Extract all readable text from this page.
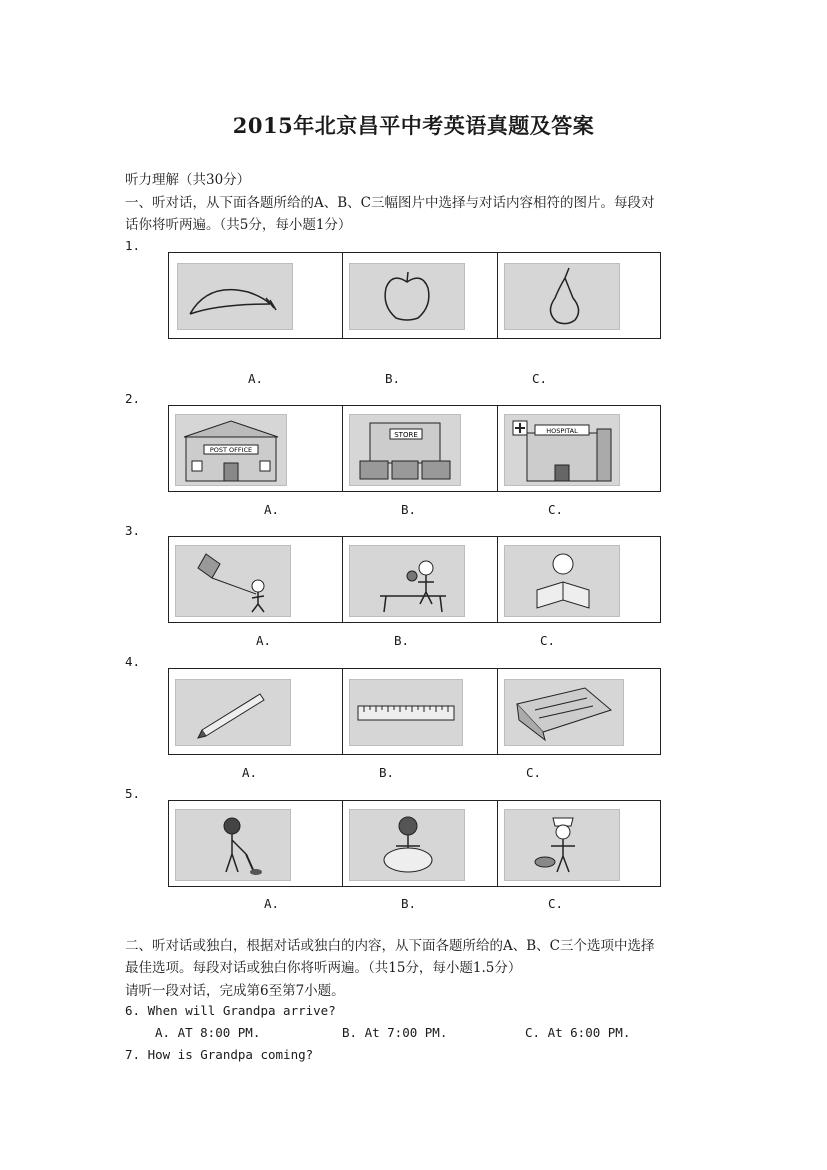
2015年北京昌平中考英语真题及答案
听力理解（共30分）
一、听对话，从下面各题所给的A、B、C三幅图片中选择与对话内容相符的图片。每段对
话你将听两遍。（共5分，每小题1分）
1.

A.	B.	C.
2.
POST OFFICE

STORE	HOSPITAL
A.	B.	C.
3.

A.	B.	C.
4.

A.	B.	C.
5.

A.	B.	C.
二、听对话或独白，根据对话或独白的内容，从下面各题所给的A、B、C三个选项中选择
最佳选项。每段对话或独白你将听两遍。（共15分，每小题1.5分）
请听一段对话，完成第6至第7小题。
6. When will Grandpa arrive?
A. AT 8:00 PM.	B. At 7:00 PM.	C. At 6:00 PM.
7. How is Grandpa coming?
